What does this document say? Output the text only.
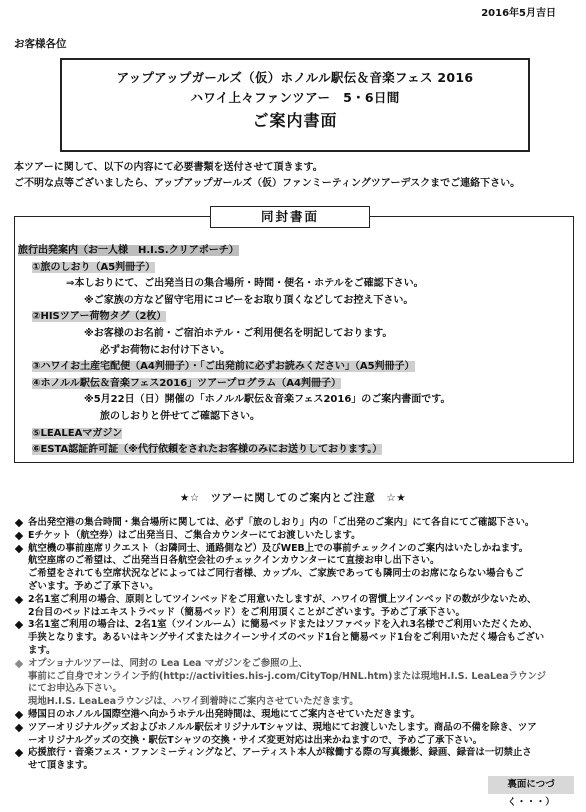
2016年5月吉日
お客様各位
アップアップガールズ（仮）ホノルル駅伝＆音楽フェス 2016
ハワイ上々ファンツアー　5・6日間
ご案内書面
本ツアーに関して、以下の内容にて必要書類を送付させて頂きます。
ご不明な点等ございましたら、アップアップガールズ（仮）ファンミーティングツアーデスクまでご連絡下さい。
同封書面
旅行出発案内（お一人様　H.I.S.クリアポーチ）
①旅のしおり（A5判冊子）
⇒本しおりにて、ご出発当日の集合場所・時間・便名・ホテルをご確認下さい。
※ご家族の方など留守宅用にコピーをお取り頂くなどしてお控え下さい。
②HISツアー荷物タグ（2枚）
※お客様のお名前・ご宿泊ホテル・ご利用便名を明記しております。
必ずお荷物にお付け下さい。
③ハワイお土産宅配便（A4判冊子）・「ご出発前に必ずお読みください」（A5判冊子）
④ホノルル駅伝＆音楽フェス2016」ツアープログラム（A4判冊子）
※5月22日（日）開催の「ホノルル駅伝＆音楽フェス2016」のご案内書面です。
旅のしおりと併せてご確認下さい。
⑤LEALEAマガジン
⑥ESTA認証許可証（※代行依頼をされたお客様のみにお送りしております。）
★☆　ツアーに関してのご案内とご注意　☆★
各出発空港の集合時間・集合場所に関しては、必ず「旅のしおり」内の「ご出発のご案内」にて各自にてご確認下さい。
Eチケット（航空券）はご出発当日、ご集合カウンターにてお渡しいたします。
航空機の事前座席リクエスト（お隣同士、通路側など）及びWEB上での事前チェックインのご案内はいたしかねます。
航空座席のご希望は、ご出発当日各航空会社のチェックインカウンターにて直接お申し出下さい。
ご希望をされても空席状況などによってはご同行者様、カップル、ご家族であっても隣同士のお席にならない場合もご
ざいます。予めご了承下さい。
2名1室ご利用の場合、原則としてツインベッドをご用意いたしますが、ハワイの習慣上ツインベッドの数が少ないため、
2台目のベッドはエキストラベッド（簡易ベッド）をご利用頂くことがございます。予めご了承下さい。
3名1室ご利用の場合は、2名1室（ツインルーム）に簡易ベッドまたはソファベッドを入れ3名様でご利用いただくため、
手狭となります。あるいはキングサイズまたはクイーンサイズのベッド1台と簡易ベッド1台をご利用いただく場合もござい
ます。
オプショナルツアーは、同封の Lea Lea マガジンをご参照の上、
事前にご自身でオンライン予約(http://activities.his-j.com/CityTop/HNL.htm)または現地H.I.S. LeaLeaラウンジ
にてお申込み下さい。
現地H.I.S. LeaLeaラウンジは、ハワイ到着時にご案内させていただきます。
帰国日のホノルル国際空港へ向かうホテル出発時間は、現地にてご案内させていただきます。
ツアーオリジナルグッズおよびホノルル駅伝オリジナルTシャツは、現地にてお渡しいたします。商品の不備を除き、ツア
ーオリジナルグッズの交換・駅伝Tシャツの交換・サイズ変更対応は出来かねますので、予めご了承下さい。
応援旅行・音楽フェス・ファンミーティングなど、アーティスト本人が稼働する際の写真撮影、録画、録音は一切禁止さ
せて頂きます。
裏面につづく・・・）
